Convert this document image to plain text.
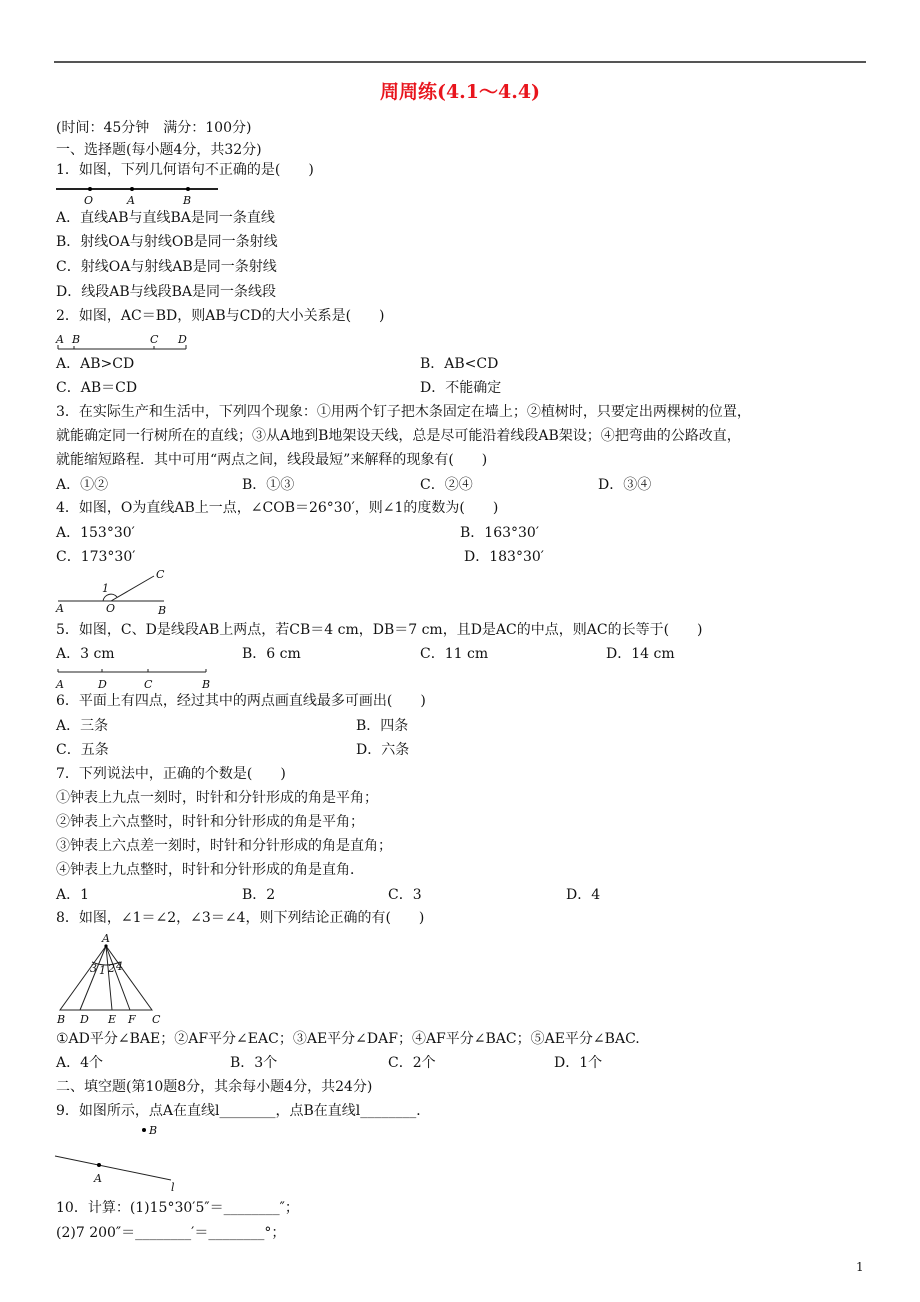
周周练(4.1～4.4)
(时间：45分钟　满分：100分)
一、选择题(每小题4分，共32分)
1．如图，下列几何语句不正确的是(　　)
O	A	B
A．直线AB与直线BA是同一条直线
B．射线OA与射线OB是同一条射线
C．射线OA与射线AB是同一条射线
D．线段AB与线段BA是同一条线段
2．如图，AC＝BD，则AB与CD的大小关系是(　　)
A B	C D
A．AB>CD	B．AB<CD
C．AB＝CD	D．不能确定
3．在实际生产和生活中，下列四个现象：①用两个钉子把木条固定在墙上；②植树时，只要定出两棵树的位置，
就能确定同一行树所在的直线；③从A地到B地架设天线，总是尽可能沿着线段AB架设；④把弯曲的公路改直，
就能缩短路程．其中可用“两点之间，线段最短”来解释的现象有(　　)
A．①②	B．①③	C．②④	D．③④
4．如图，O为直线AB上一点，∠COB＝26°30′，则∠1的度数为(　　)
A．153°30′	B．163°30′
C．173°30′	D．183°30′
C
1
A	O	B
5．如图，C、D是线段AB上两点，若CB＝4 cm，DB＝7 cm，且D是AC的中点，则AC的长等于(　　)
A．3 cm	B．6 cm	C．11 cm	D．14 cm
A	D	C	B
6．平面上有四点，经过其中的两点画直线最多可画出(　　)
A．三条	B．四条
C．五条	D．六条
7．下列说法中，正确的个数是(　　)
①钟表上九点一刻时，时针和分针形成的角是平角；
②钟表上六点整时，时针和分针形成的角是平角；
③钟表上六点差一刻时，时针和分针形成的角是直角；
④钟表上九点整时，时针和分针形成的角是直角．
A．1	B．2	C．3	D．4
8．如图，∠1＝∠2，∠3＝∠4，则下列结论正确的有(　　)
A
3 1 2 4
B D E F C
①AD平分∠BAE；②AF平分∠EAC；③AE平分∠DAF；④AF平分∠BAC；⑤AE平分∠BAC.
A．4个	B．3个	C．2个	D．1个
二、填空题(第10题8分，其余每小题4分，共24分)
9．如图所示，点A在直线l________，点B在直线l________．
B
A
l
10．计算：(1)15°30′5″＝________″；
(2)7 200″＝________′＝________°；
1
